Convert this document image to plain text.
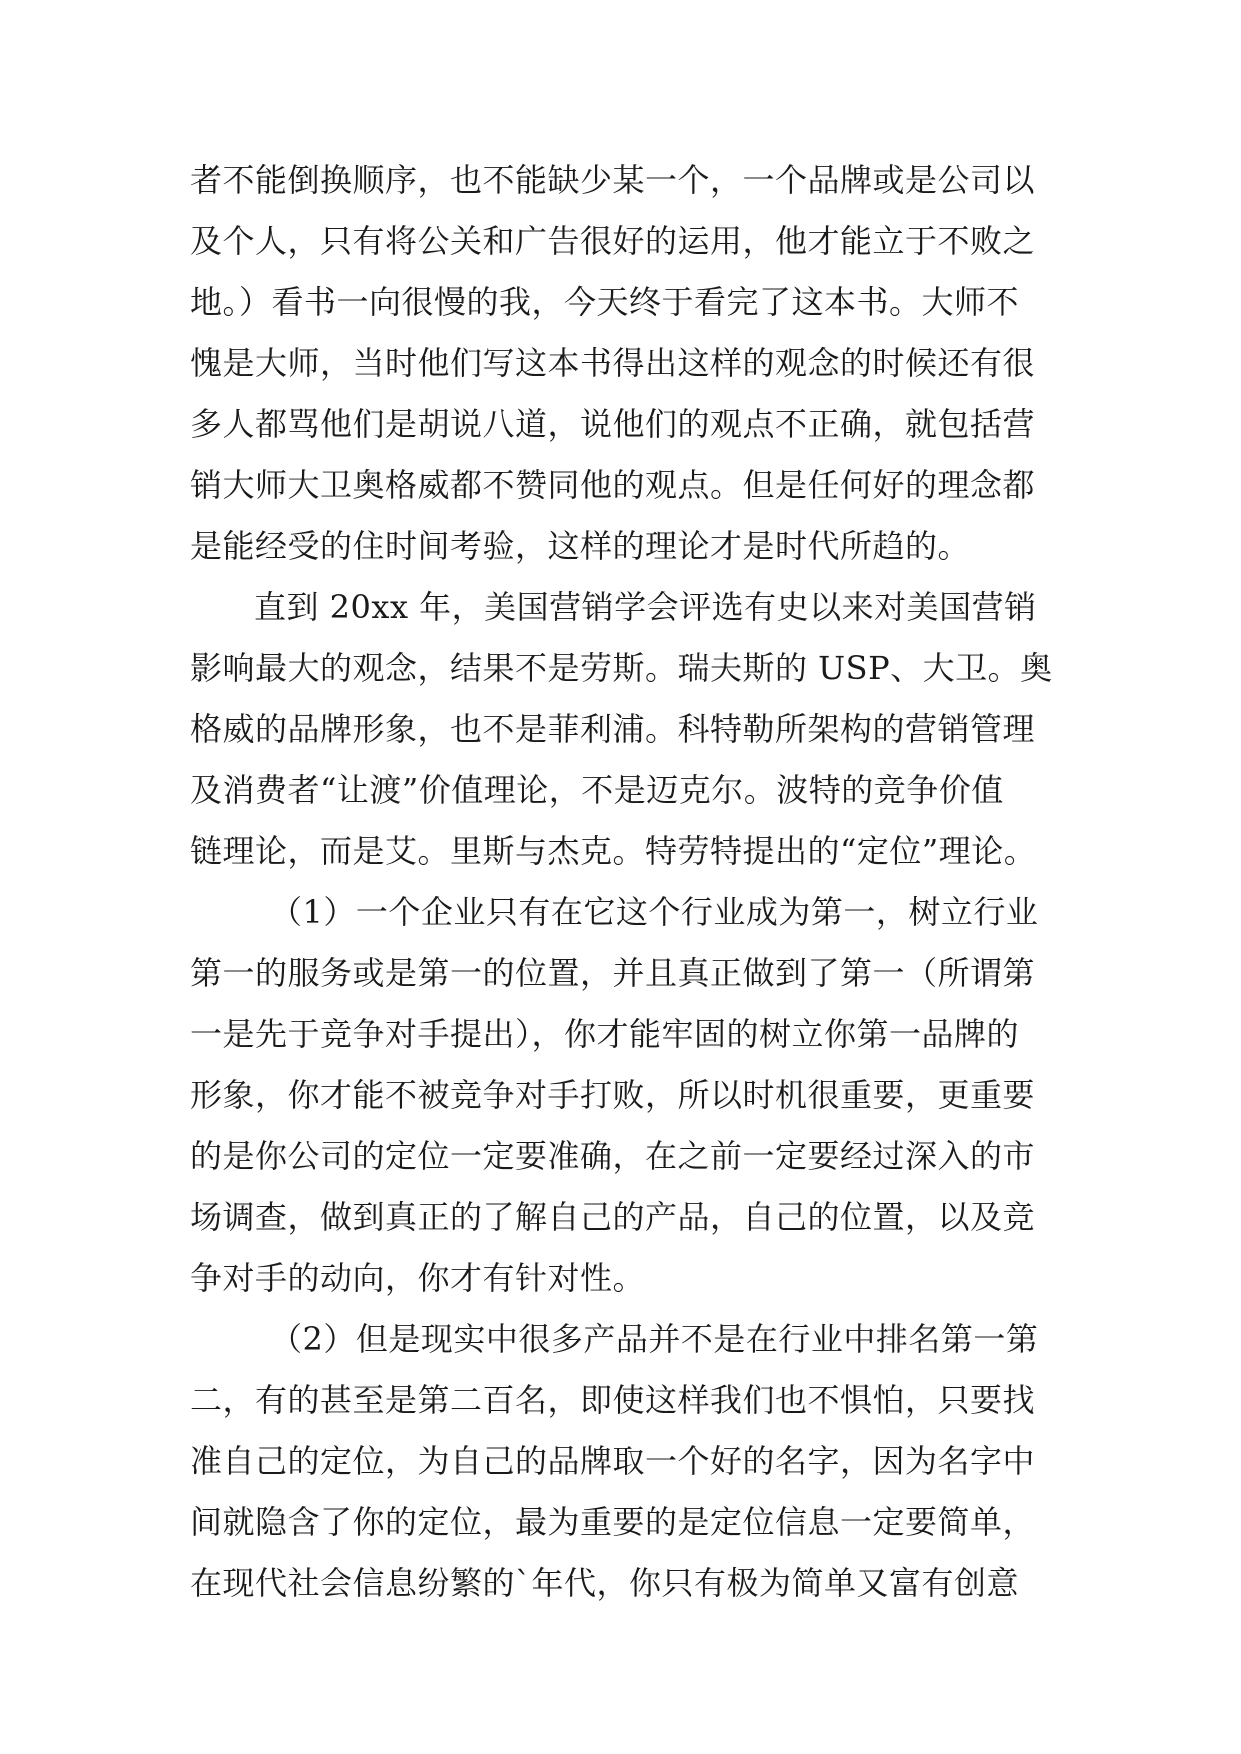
者不能倒换顺序，也不能缺少某一个，一个品牌或是公司以
及个人，只有将公关和广告很好的运用，他才能立于不败之
地。）看书一向很慢的我，今天终于看完了这本书。大师不
愧是大师，当时他们写这本书得出这样的观念的时候还有很
多人都骂他们是胡说八道，说他们的观点不正确，就包括营
销大师大卫奥格威都不赞同他的观点。但是任何好的理念都
是能经受的住时间考验，这样的理论才是时代所趋的。
直到 20xx 年，美国营销学会评选有史以来对美国营销
影响最大的观念，结果不是劳斯。瑞夫斯的 USP、大卫。奥
格威的品牌形象，也不是菲利浦。科特勒所架构的营销管理
及消费者“让渡”价值理论，不是迈克尔。波特的竞争价值
链理论，而是艾。里斯与杰克。特劳特提出的“定位”理论。
（1）一个企业只有在它这个行业成为第一，树立行业
第一的服务或是第一的位置，并且真正做到了第一（所谓第
一是先于竞争对手提出），你才能牢固的树立你第一品牌的
形象，你才能不被竞争对手打败，所以时机很重要，更重要
的是你公司的定位一定要准确，在之前一定要经过深入的市
场调查，做到真正的了解自己的产品，自己的位置，以及竞
争对手的动向，你才有针对性。
（2）但是现实中很多产品并不是在行业中排名第一第
二，有的甚至是第二百名，即使这样我们也不惧怕，只要找
准自己的定位，为自己的品牌取一个好的名字，因为名字中
间就隐含了你的定位，最为重要的是定位信息一定要简单，
在现代社会信息纷繁的`年代，你只有极为简单又富有创意
